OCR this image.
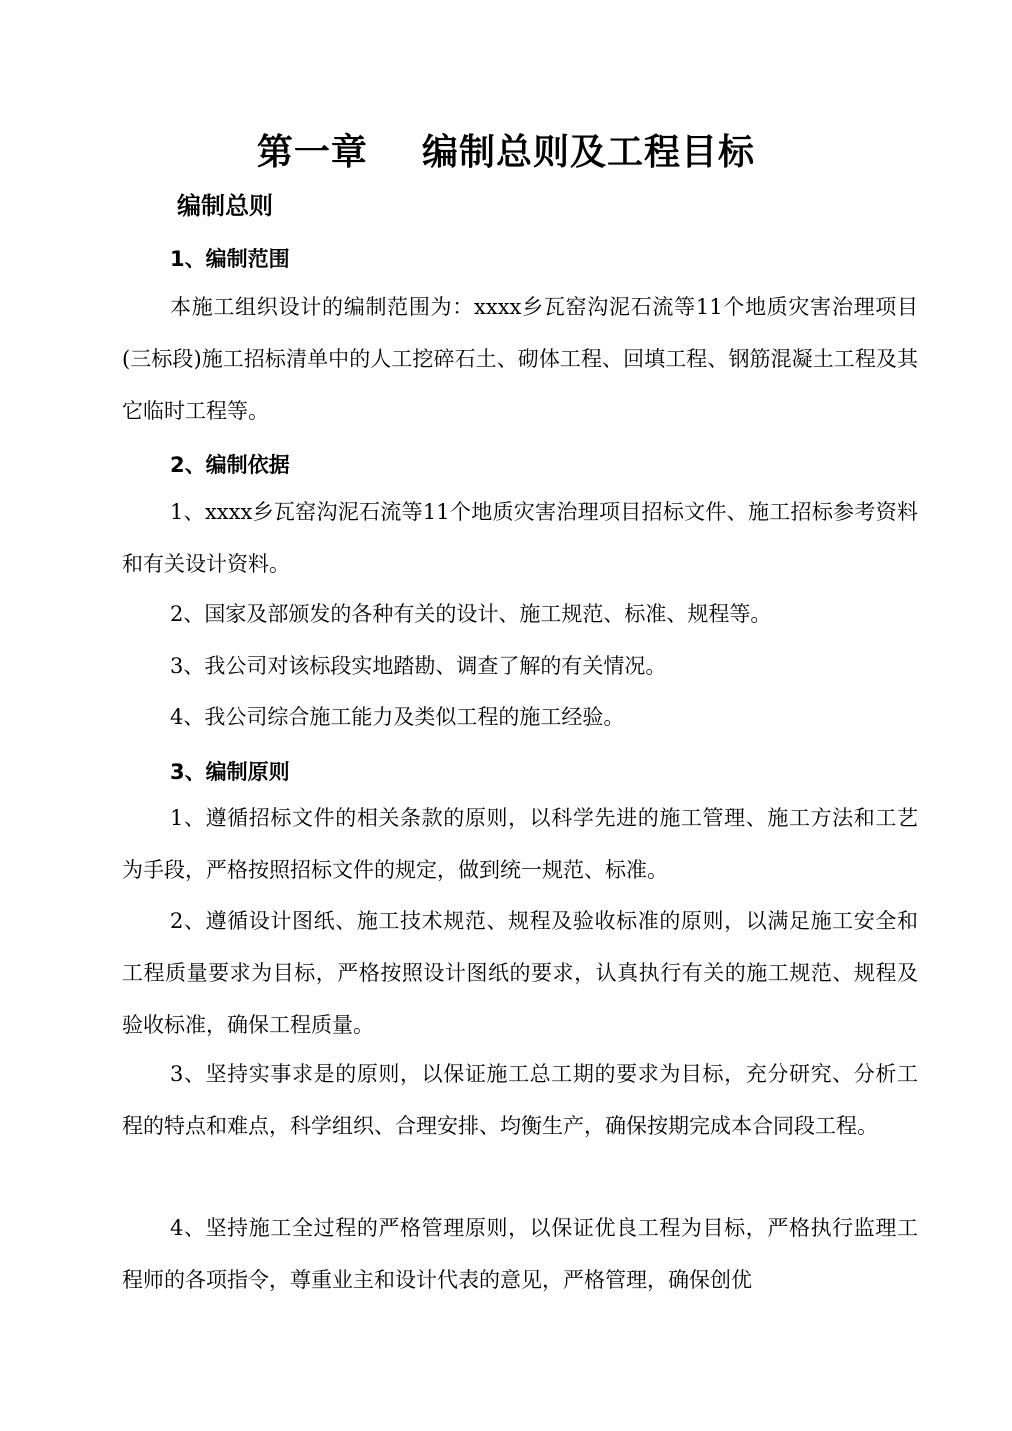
第一章    编制总则及工程目标
编制总则
1、编制范围

本施工组织设计的编制范围为：xxxx乡瓦窑沟泥石流等11个地质灾害治理项目(三标段)施工招标清单中的人工挖碎石土、砌体工程、回填工程、钢筋混凝土工程及其它临时工程等。

2、编制依据

1、xxxx乡瓦窑沟泥石流等11个地质灾害治理项目招标文件、施工招标参考资料和有关设计资料。

2、国家及部颁发的各种有关的设计、施工规范、标准、规程等。

3、我公司对该标段实地踏勘、调查了解的有关情况。

4、我公司综合施工能力及类似工程的施工经验。

3、编制原则

1、遵循招标文件的相关条款的原则，以科学先进的施工管理、施工方法和工艺为手段，严格按照招标文件的规定，做到统一规范、标准。

2、遵循设计图纸、施工技术规范、规程及验收标准的原则，以满足施工安全和工程质量要求为目标，严格按照设计图纸的要求，认真执行有关的施工规范、规程及验收标准，确保工程质量。

3、坚持实事求是的原则，以保证施工总工期的要求为目标，充分研究、分析工程的特点和难点，科学组织、合理安排、均衡生产，确保按期完成本合同段工程。

4、坚持施工全过程的严格管理原则，以保证优良工程为目标，严格执行监理工程师的各项指令，尊重业主和设计代表的意见，严格管理，确保创优
